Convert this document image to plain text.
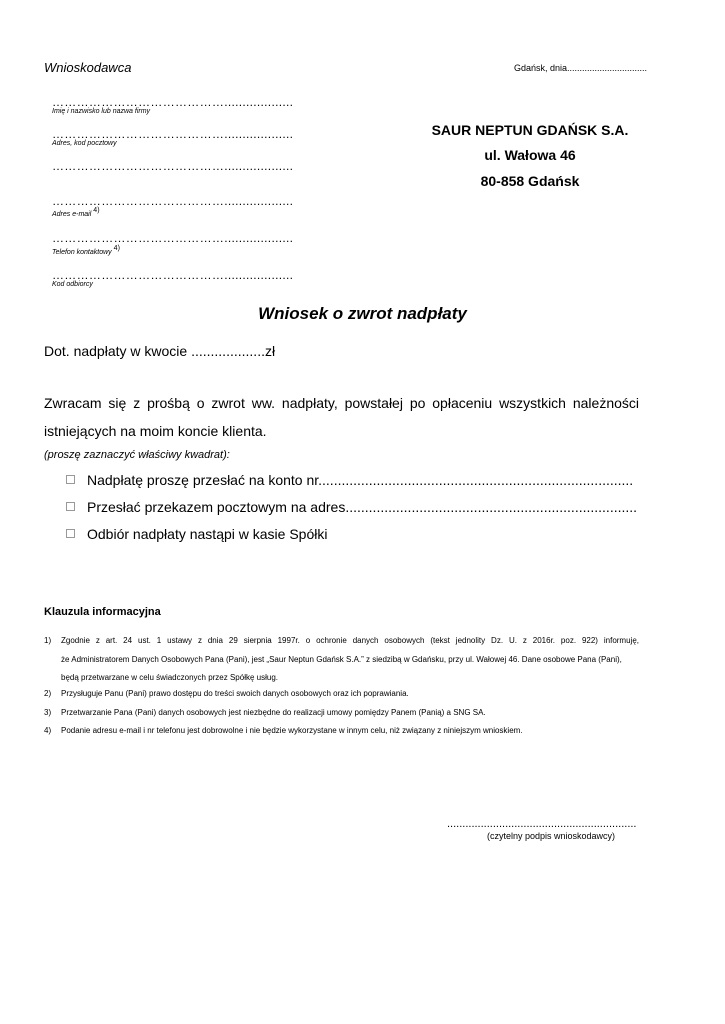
Wnioskodawca	Gdańsk, dnia................................
……………………………………...................
Imię i nazwisko lub nazwa firmy
……………………………………...................
Adres, kod pocztowy
……………………………………...................
……………………………………...................
Adres e-mail$^{4)}$
……………………………………...................
Telefon kontaktowy$^{4)}$
……………………………………...................
Kod odbiorcy
SAUR NEPTUN GDAŃSK S.A.
ul. Wałowa 46
80-858 Gdańsk
Wniosek o zwrot nadpłaty
Dot. nadpłaty w kwocie ...................zł

Zwracam się z prośbą o zwrot ww. nadpłaty, powstałej po opłaceniu wszystkich należności

istniejących na moim koncie klienta.

(proszę zaznaczyć właściwy kwadrat):
Nadpłatę proszę przesłać na konto nr.................................................................................
Przesłać przekazem pocztowym na adres...........................................................................
Odbiór nadpłaty nastąpi w kasie Spółki
Klauzula informacyjna
1) Zgodnie z art. 24 ust. 1 ustawy z dnia 29 sierpnia 1997r. o ochronie danych osobowych (tekst jednolity Dz. U. z 2016r. poz. 922) informuję,
że Administratorem Danych Osobowych Pana (Pani), jest „Saur Neptun Gdańsk S.A.” z siedzibą w Gdańsku, przy ul. Wałowej 46. Dane osobowe Pana (Pani),
będą przetwarzane w celu świadczonych przez Spółkę usług.
2) Przysługuje Panu (Pani) prawo dostępu do treści swoich danych osobowych oraz ich poprawiania.
3) Przetwarzanie Pana (Pani) danych osobowych jest niezbędne do realizacji umowy pomiędzy Panem (Panią) a SNG SA.
4) Podanie adresu e-mail i nr telefonu jest dobrowolne i nie będzie wykorzystane w innym celu, niż związany z niniejszym wnioskiem.
..............................................................
(czytelny podpis wnioskodawcy)
